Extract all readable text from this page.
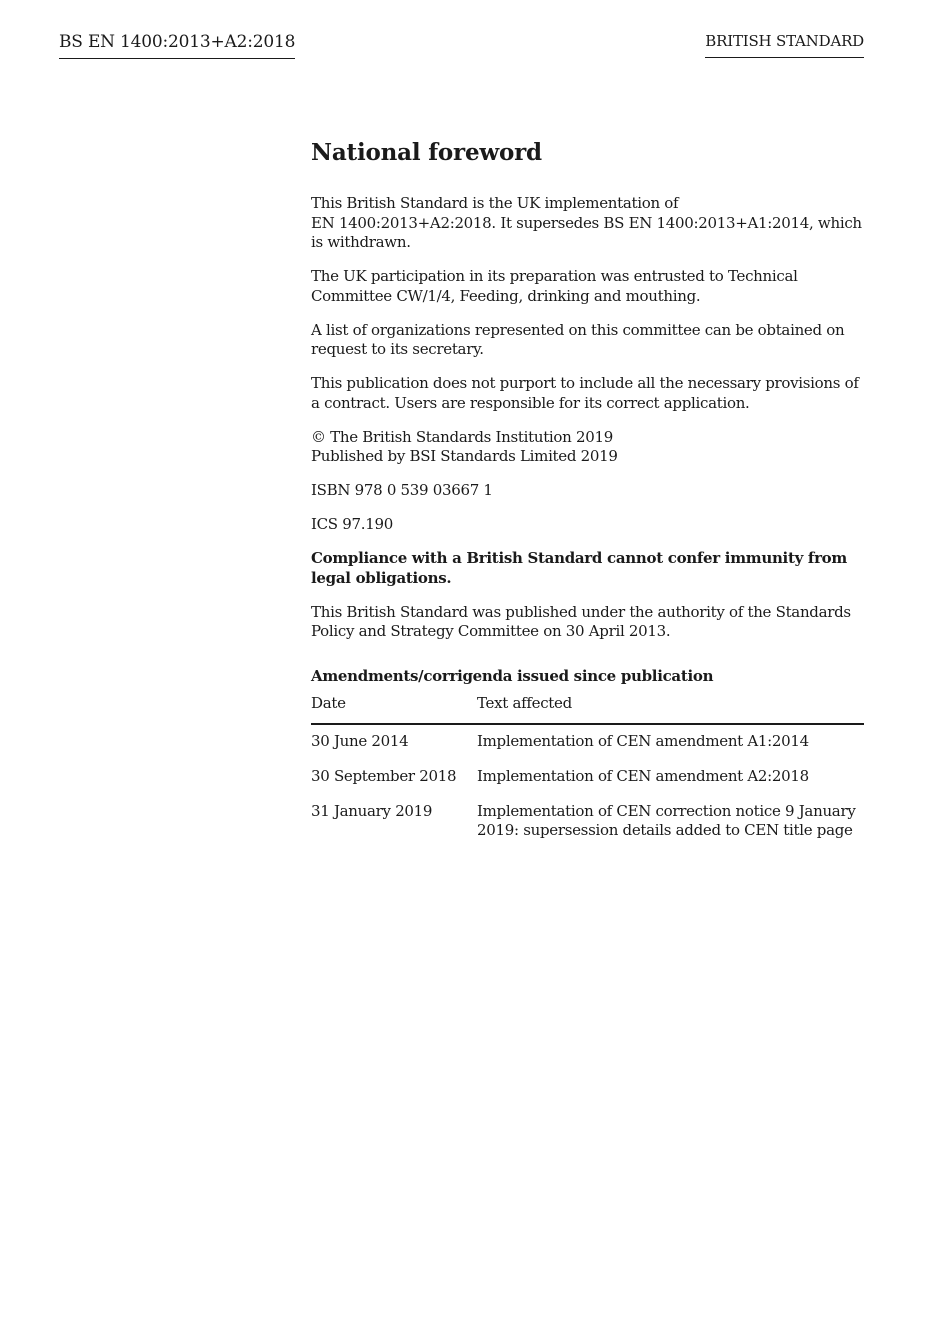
BS EN 1400:2013+A2:2018	BRITISH STANDARD
National foreword

This British Standard is the UK implementation of
EN 1400:2013+A2:2018. It supersedes BS EN 1400:2013+A1:2014, which is withdrawn.

The UK participation in its preparation was entrusted to Technical Committee CW/1/4, Feeding, drinking and mouthing.

A list of organizations represented on this committee can be obtained on request to its secretary.

This publication does not purport to include all the necessary provisions of a contract. Users are responsible for its correct application.

© The British Standards Institution 2019
Published by BSI Standards Limited 2019

ISBN 978 0 539 03667 1

ICS 97.190

Compliance with a British Standard cannot confer immunity from legal obligations.

This British Standard was published under the authority of the Standards Policy and Strategy Committee on 30 April 2013.

Amendments/corrigenda issued since publication
Date	Text affected
30 June 2014	Implementation of CEN amendment A1:2014
30 September 2018	Implementation of CEN amendment A2:2018
31 January 2019	Implementation of CEN correction notice 9 January 2019: supersession details added to CEN title page
